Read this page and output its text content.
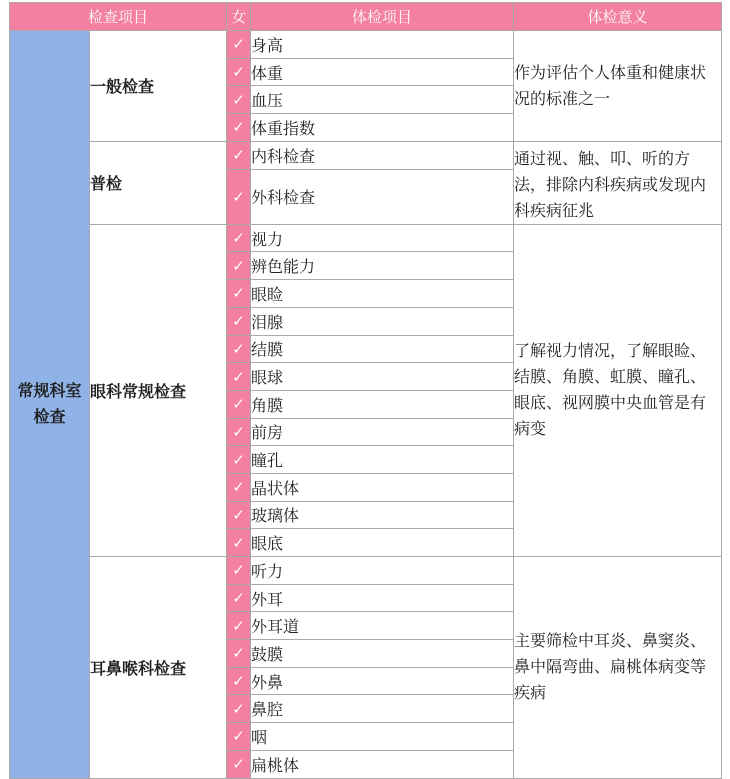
检查项目		女	体检项目	体检意义
常规科室检查	一般检查	✓	身高	作为评估个人体重和健康状况的标准之一
		✓	体重	
		✓	血压	
		✓	体重指数	
	普检	✓	内科检查	通过视、触、叩、听的方法，排除内科疾病或发现内科疾病征兆
		✓	外科检查	
	眼科常规检查	✓	视力	了解视力情况，了解眼睑、结膜、角膜、虹膜、瞳孔、眼底、视网膜中央血管是有病变
		✓	辨色能力	
		✓	眼睑	
		✓	泪腺	
		✓	结膜	
		✓	眼球	
		✓	角膜	
		✓	前房	
		✓	瞳孔	
		✓	晶状体	
		✓	玻璃体	
		✓	眼底	
	耳鼻喉科检查	✓	听力	主要筛检中耳炎、鼻窦炎、鼻中隔弯曲、扁桃体病变等疾病
		✓	外耳	
		✓	外耳道	
		✓	鼓膜	
		✓	外鼻	
		✓	鼻腔	
		✓	咽	
		✓	扁桃体	
